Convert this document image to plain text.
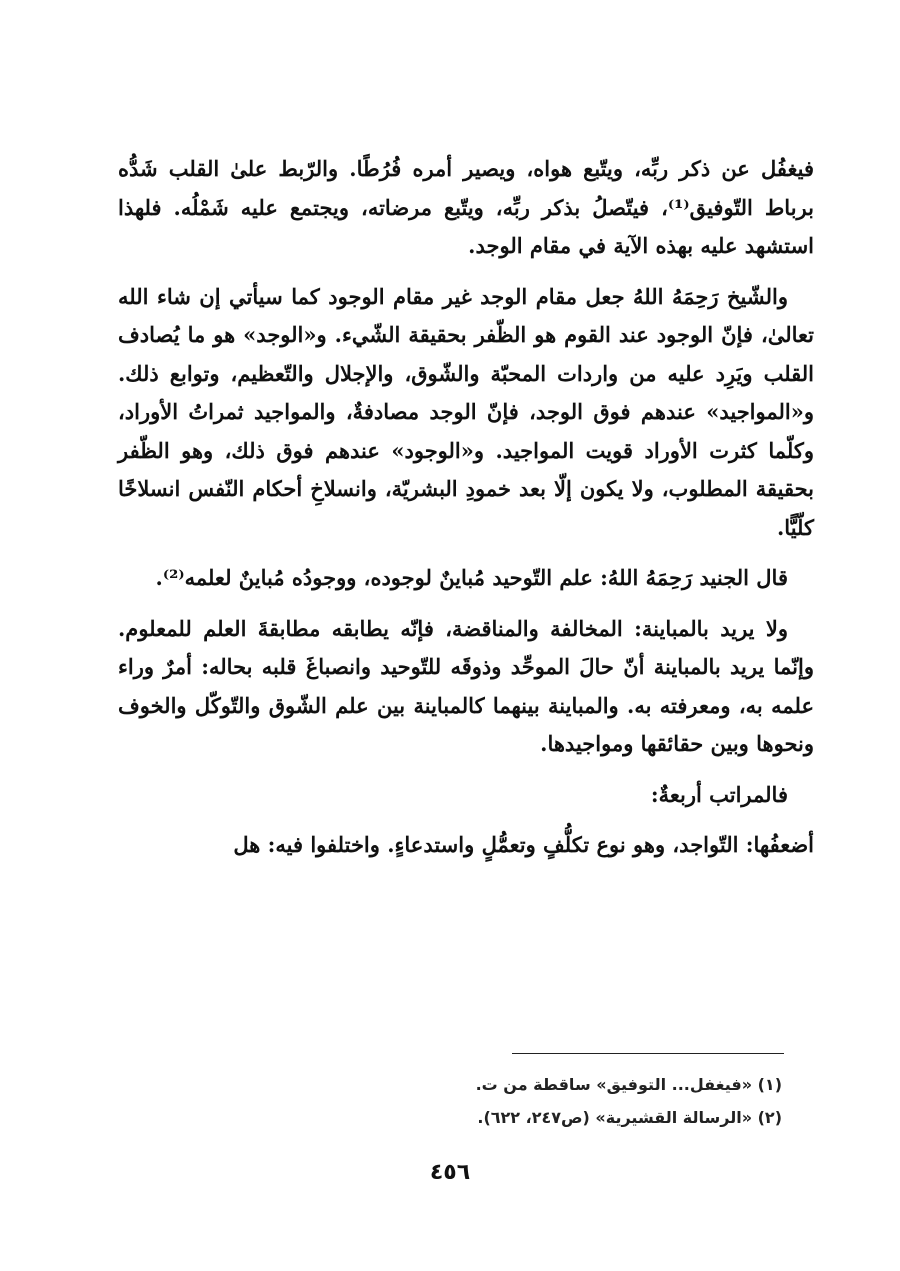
فيغفُل عن ذكر ربِّه، ويتّبع هواه، ويصير أمره فُرُطًا. والرّبط علىٰ القلب شَدُّه برباط التّوفيق⁽¹⁾، فيتّصلُ بذكر ربِّه، ويتّبع مرضاته، ويجتمع عليه شَمْلُه. فلهذا استشهد عليه بهذه الآية في مقام الوجد.

والشّيخ رَحِمَهُ اللهُ جعل مقام الوجد غير مقام الوجود كما سيأتي إن شاء الله تعالىٰ، فإنّ الوجود عند القوم هو الظّفر بحقيقة الشّيء. و«الوجد» هو ما يُصادف القلب ويَرِد عليه من واردات المحبّة والشّوق، والإجلال والتّعظيم، وتوابع ذلك. و«المواجيد» عندهم فوق الوجد، فإنّ الوجد مصادفةٌ، والمواجيد ثمراتُ الأوراد، وكلّما كثرت الأوراد قويت المواجيد. و«الوجود» عندهم فوق ذلك، وهو الظّفر بحقيقة المطلوب، ولا يكون إلّا بعد خمودِ البشريّة، وانسلاخِ أحكام النّفس انسلاخًا كلّيًّا.

قال الجنيد رَحِمَهُ اللهُ: علم التّوحيد مُباينٌ لوجوده، ووجودُه مُباينٌ لعلمه⁽²⁾.

ولا يريد بالمباينة: المخالفة والمناقضة، فإنّه يطابقه مطابقةَ العلم للمعلوم. وإنّما يريد بالمباينة أنّ حالَ الموحِّد وذوقَه للتّوحيد وانصباغَ قلبه بحاله: أمرٌ وراء علمه به، ومعرفته به. والمباينة بينهما كالمباينة بين علم الشّوق والتّوكّل والخوف ونحوها وبين حقائقها ومواجيدها.

فالمراتب أربعةٌ:

أضعفُها: التّواجد، وهو نوع تكلُّفٍ وتعمُّلٍ واستدعاءٍ. واختلفوا فيه: هل

(١) «فيغفل... التوفيق» ساقطة من ت.

(٢) «الرسالة القشيرية» (ص٢٤٧، ٦٢٢).

٤٥٦
